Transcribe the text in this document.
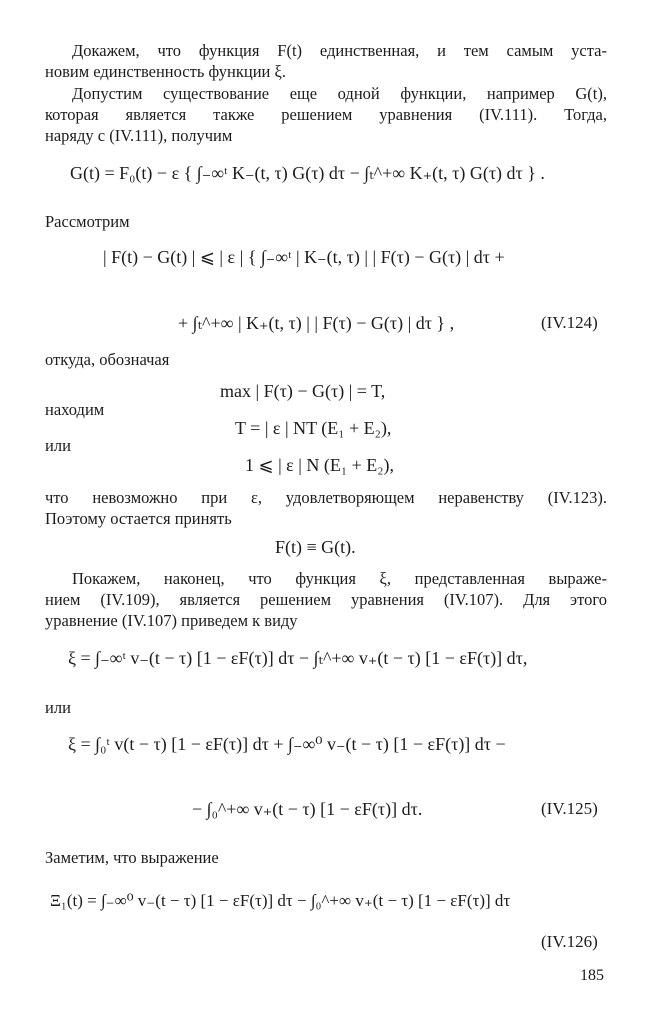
Докажем, что функция F(t) единственная, и тем самым уста-
новим единственность функции ξ.
Допустим существование еще одной функции, например G(t),
которая является также решением уравнения (IV.111). Тогда,
наряду с (IV.111), получим
G(t) = F₀(t) − ε { ∫₋∞ᵗ K₋(t, τ) G(τ) dτ − ∫ₜ^+∞ K₊(t, τ) G(τ) dτ } .
Рассмотрим
| F(t) − G(t) | ⩽ | ε | { ∫₋∞ᵗ | K₋(t, τ) | | F(τ) − G(τ) | dτ +
+ ∫ₜ^+∞ | K₊(t, τ) | | F(τ) − G(τ) | dτ } ,	(IV.124)
откуда, обозначая
max | F(τ) − G(τ) | = T,
находим
T = | ε | NT (E₁ + E₂),
или
1 ⩽ | ε | N (E₁ + E₂),
что невозможно при ε, удовлетворяющем неравенству (IV.123).
Поэтому остается принять
F(t) ≡ G(t).
Покажем, наконец, что функция ξ, представленная выраже-
нием (IV.109), является решением уравнения (IV.107). Для этого
уравнение (IV.107) приведем к виду
ξ = ∫₋∞ᵗ v₋(t − τ) [1 − εF(τ)] dτ − ∫ₜ^+∞ v₊(t − τ) [1 − εF(τ)] dτ,
или
ξ = ∫₀ᵗ v(t − τ) [1 − εF(τ)] dτ + ∫₋∞⁰ v₋(t − τ) [1 − εF(τ)] dτ −
− ∫₀^+∞ v₊(t − τ) [1 − εF(τ)] dτ.	(IV.125)
Заметим, что выражение
Ξ₁(t) = ∫₋∞⁰ v₋(t − τ) [1 − εF(τ)] dτ − ∫₀^+∞ v₊(t − τ) [1 − εF(τ)] dτ
(IV.126)
185
